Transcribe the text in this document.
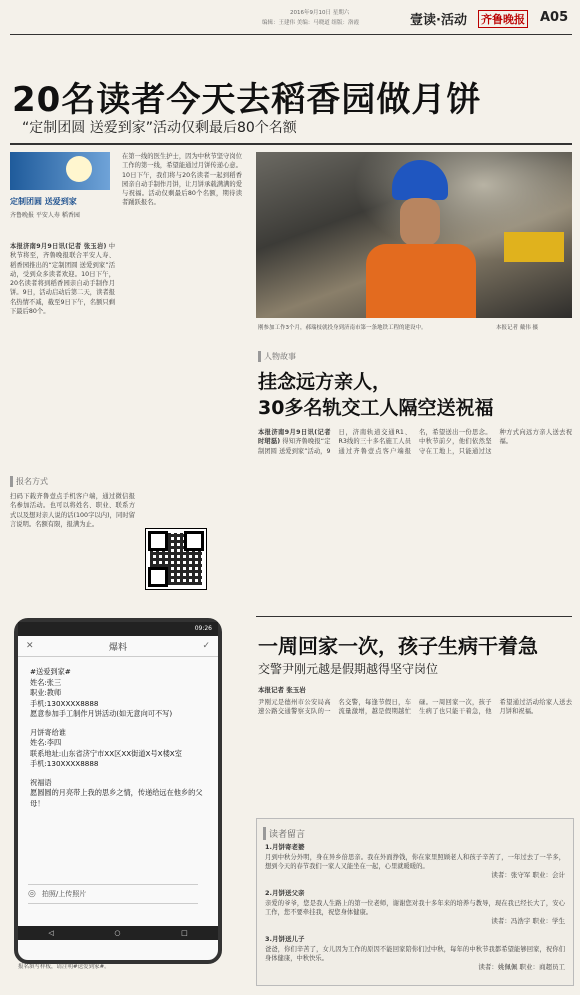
2016年9月10日 星期六
编辑：王建伟 美编：马晓道 组版：洛霞	壹读·活动 齐鲁晚报 A05
20名读者今天去稻香园做月饼
“定制团圆 送爱到家”活动仅剩最后80个名额
定制团圆 送爱到家
齐鲁晚报 平安人寿 稻香园
本报济南9月9日讯(记者 张玉岩) 中秋节将至，齐鲁晚报联合平安人寿、稻香园推出的“定制团圆 送爱到家”活动，受到众多读者欢迎。10日下午，20名读者将到稻香园亲自动手制作月饼。9日，活动启动后第二天，读者报名热情不减，截至9日下午，名额只剩下最后80个。
在第一线的医生护士，因为中秋节坚守岗位工作的第一线，希望能通过月饼传递心意。10日下午，我们将与20名读者一起到稻香园亲自动手制作月饼，让月饼承载满满的爱与祝福。活动仅剩最后80个名额，期待读者踊跃报名。
报名方式
扫码下载齐鲁壹点手机客户端，通过微信报名参加活动。也可以将姓名、职业、联系方式以及想对亲人说的话(100字以内)，同时留言说明。名额有限，报满为止。
09:26
✕	爆料	✓
#送爱到家#
姓名:张三
职业:教师
手机:130XXXX8888
愿意参加手工制作月饼活动(如无意向可不写)
月饼寄给谁
姓名:李四
联系地址:山东省济宁市XX区XX街道X号X楼X室
手机:130XXXX8888
祝福语
愿圆圆的月亮带上我的思乡之情，传递给远在他乡的父母！
◎ 拍照/上传照片
◁	○	□
报名填写样板，请注明#送爱到家#。
刚参加工作3个月，郝瑞枝就投身到济南市第一条地铁工程的建设中。	本报记者 戴伟 摄
人物故事
挂念远方亲人，
30多名轨交工人隔空送祝福
本报济南9月9日讯(记者 时珺磊) 得知齐鲁晚报“定制团圆 送爱到家”活动，9日，济南轨道交通R1、R3线的三十多名施工人员通过齐鲁壹点客户端报名，希望送出一份思念。中秋节前夕，他们依然坚守在工地上，只能通过这种方式向远方亲人送去祝福。
一周回家一次，孩子生病干着急
交警尹刚元越是假期越得坚守岗位
本报记者 张玉岩
尹刚元是德州市公安局高速公路交通警察支队的一名交警，每逢节假日，车流量激增，越是假期越忙碌。一周回家一次，孩子生病了也只能干着急，他希望通过活动给家人送去月饼和祝福。
读者留言
1.月饼寄老婆
月到中秋分外明，身在异乡倍思亲。我在外面挣钱，你在家里照顾老人和孩子辛苦了，一年过去了一半多，想到今天的春节我们一家人又能坐在一起，心里就暖暖的。
读者：张守军 职业：会计
2.月饼送父亲
亲爱的爷爷，您是我人生路上的第一位老师，谢谢您对我十多年来的培养与教导，现在我已经长大了，安心工作，您不要牵挂我，祝您身体健康。
读者：冯浩宇 职业：学生
3.月饼送儿子
爸爸，你们辛苦了，女儿因为工作的原因不能回家陪你们过中秋，每年的中秋节我都希望能够回家，祝你们身体健康，中秋快乐。
读者：姚佩佩 职业：商超员工
